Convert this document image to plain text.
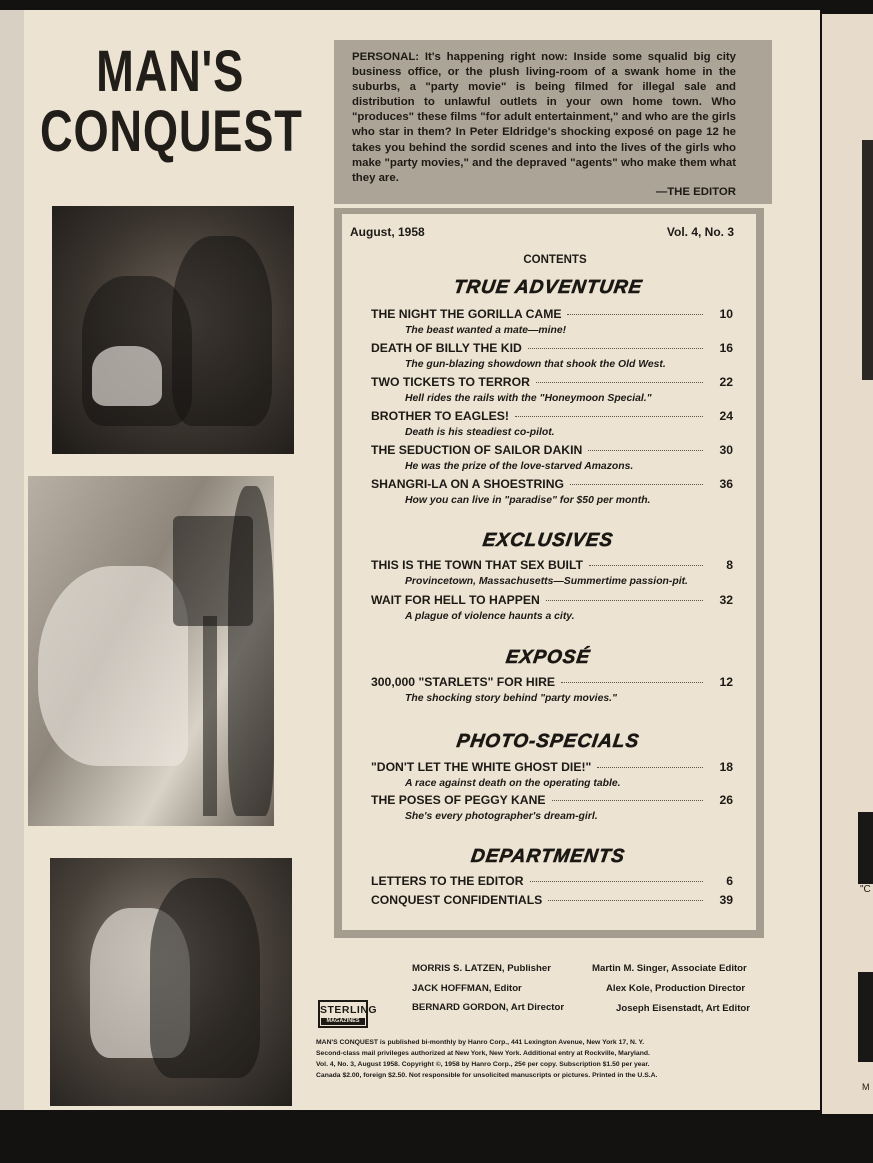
"C
M
MAN'S
CONQUEST
PERSONAL: It's happening right now: Inside some squalid big city business office, or the plush living-room of a swank home in the suburbs, a "party movie" is being filmed for illegal sale and distribution to unlawful outlets in your own home town. Who "produces" these films "for adult entertainment," and who are the girls who star in them? In Peter Eldridge's shocking exposé on page 12 he takes you behind the sordid scenes and into the lives of the girls who make "party movies," and the depraved "agents" who make them what they are.
—THE EDITOR
August, 1958	Vol. 4, No. 3
CONTENTS
TRUE ADVENTURE
THE NIGHT THE GORILLA CAME	10
The beast wanted a mate—mine!
DEATH OF BILLY THE KID	16
The gun-blazing showdown that shook the Old West.
TWO TICKETS TO TERROR	22
Hell rides the rails with the "Honeymoon Special."
BROTHER TO EAGLES!	24
Death is his steadiest co-pilot.
THE SEDUCTION OF SAILOR DAKIN	30
He was the prize of the love-starved Amazons.
SHANGRI-LA ON A SHOESTRING	36
How you can live in "paradise" for $50 per month.
EXCLUSIVES
THIS IS THE TOWN THAT SEX BUILT	8
Provincetown, Massachusetts—Summertime passion-pit.
WAIT FOR HELL TO HAPPEN	32
A plague of violence haunts a city.
EXPOSÉ
300,000 "STARLETS" FOR HIRE	12
The shocking story behind "party movies."
PHOTO-SPECIALS
"DON'T LET THE WHITE GHOST DIE!"	18
A race against death on the operating table.
THE POSES OF PEGGY KANE	26
She's every photographer's dream-girl.
DEPARTMENTS
LETTERS TO THE EDITOR	6
CONQUEST CONFIDENTIALS	39
MORRIS S. LATZEN, Publisher
JACK HOFFMAN, Editor
BERNARD GORDON, Art Director
Martin M. Singer, Associate Editor
Alex Kole, Production Director
Joseph Eisenstadt, Art Editor
STERLING
MAGAZINES
MAN'S CONQUEST is published bi-monthly by Hanro Corp., 441 Lexington Avenue, New York 17, N. Y.
Second-class mail privileges authorized at New York, New York. Additional entry at Rockville, Maryland.
Vol. 4, No. 3, August 1958. Copyright ©, 1958 by Hanro Corp., 25¢ per copy. Subscription $1.50 per year.
Canada $2.00, foreign $2.50. Not responsible for unsolicited manuscripts or pictures. Printed in the U.S.A.
